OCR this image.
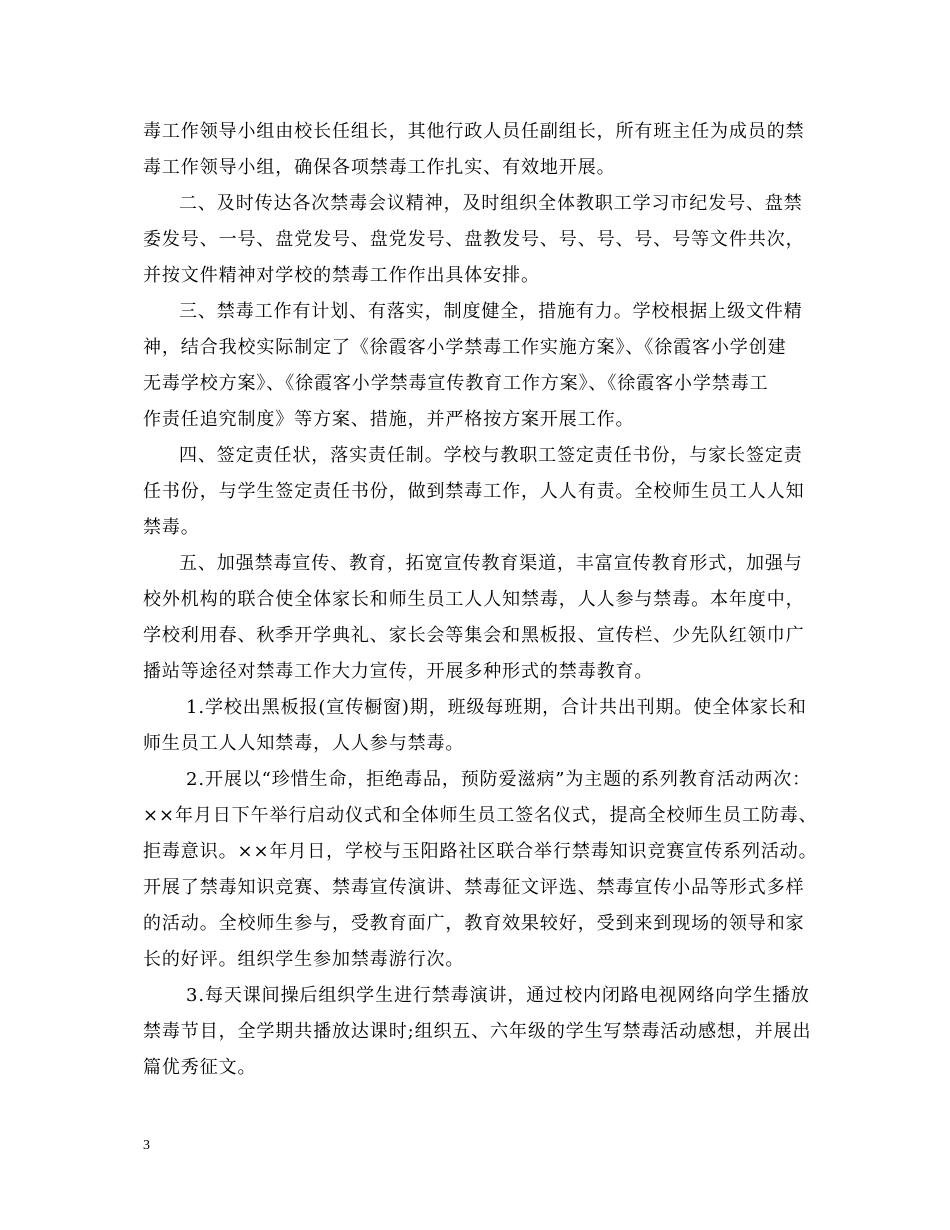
毒工作领导小组由校长任组长，其他行政人员任副组长，所有班主任为成员的禁
毒工作领导小组，确保各项禁毒工作扎实、有效地开展。
二、及时传达各次禁毒会议精神，及时组织全体教职工学习市纪发号、盘禁
委发号、一号、盘党发号、盘党发号、盘教发号、号、号、号、号等文件共次，
并按文件精神对学校的禁毒工作作出具体安排。
三、禁毒工作有计划、有落实，制度健全，措施有力。学校根据上级文件精
神，结合我校实际制定了《徐霞客小学禁毒工作实施方案》、《徐霞客小学创建
无毒学校方案》、《徐霞客小学禁毒宣传教育工作方案》、《徐霞客小学禁毒工
作责任追究制度》等方案、措施，并严格按方案开展工作。
四、签定责任状，落实责任制。学校与教职工签定责任书份，与家长签定责
任书份，与学生签定责任书份，做到禁毒工作，人人有责。全校师生员工人人知
禁毒。
五、加强禁毒宣传、教育，拓宽宣传教育渠道，丰富宣传教育形式，加强与
校外机构的联合使全体家长和师生员工人人知禁毒，人人参与禁毒。本年度中，
学校利用春、秋季开学典礼、家长会等集会和黑板报、宣传栏、少先队红领巾广
播站等途径对禁毒工作大力宣传，开展多种形式的禁毒教育。
1.学校出黑板报(宣传橱窗)期，班级每班期，合计共出刊期。使全体家长和
师生员工人人知禁毒，人人参与禁毒。
2.开展以“珍惜生命，拒绝毒品，预防爱滋病”为主题的系列教育活动两次：
××年月日下午举行启动仪式和全体师生员工签名仪式，提高全校师生员工防毒、
拒毒意识。××年月日，学校与玉阳路社区联合举行禁毒知识竞赛宣传系列活动。
开展了禁毒知识竞赛、禁毒宣传演讲、禁毒征文评选、禁毒宣传小品等形式多样
的活动。全校师生参与，受教育面广，教育效果较好，受到来到现场的领导和家
长的好评。组织学生参加禁毒游行次。
3.每天课间操后组织学生进行禁毒演讲，通过校内闭路电视网络向学生播放
禁毒节目，全学期共播放达课时;组织五、六年级的学生写禁毒活动感想，并展出
篇优秀征文。
3
